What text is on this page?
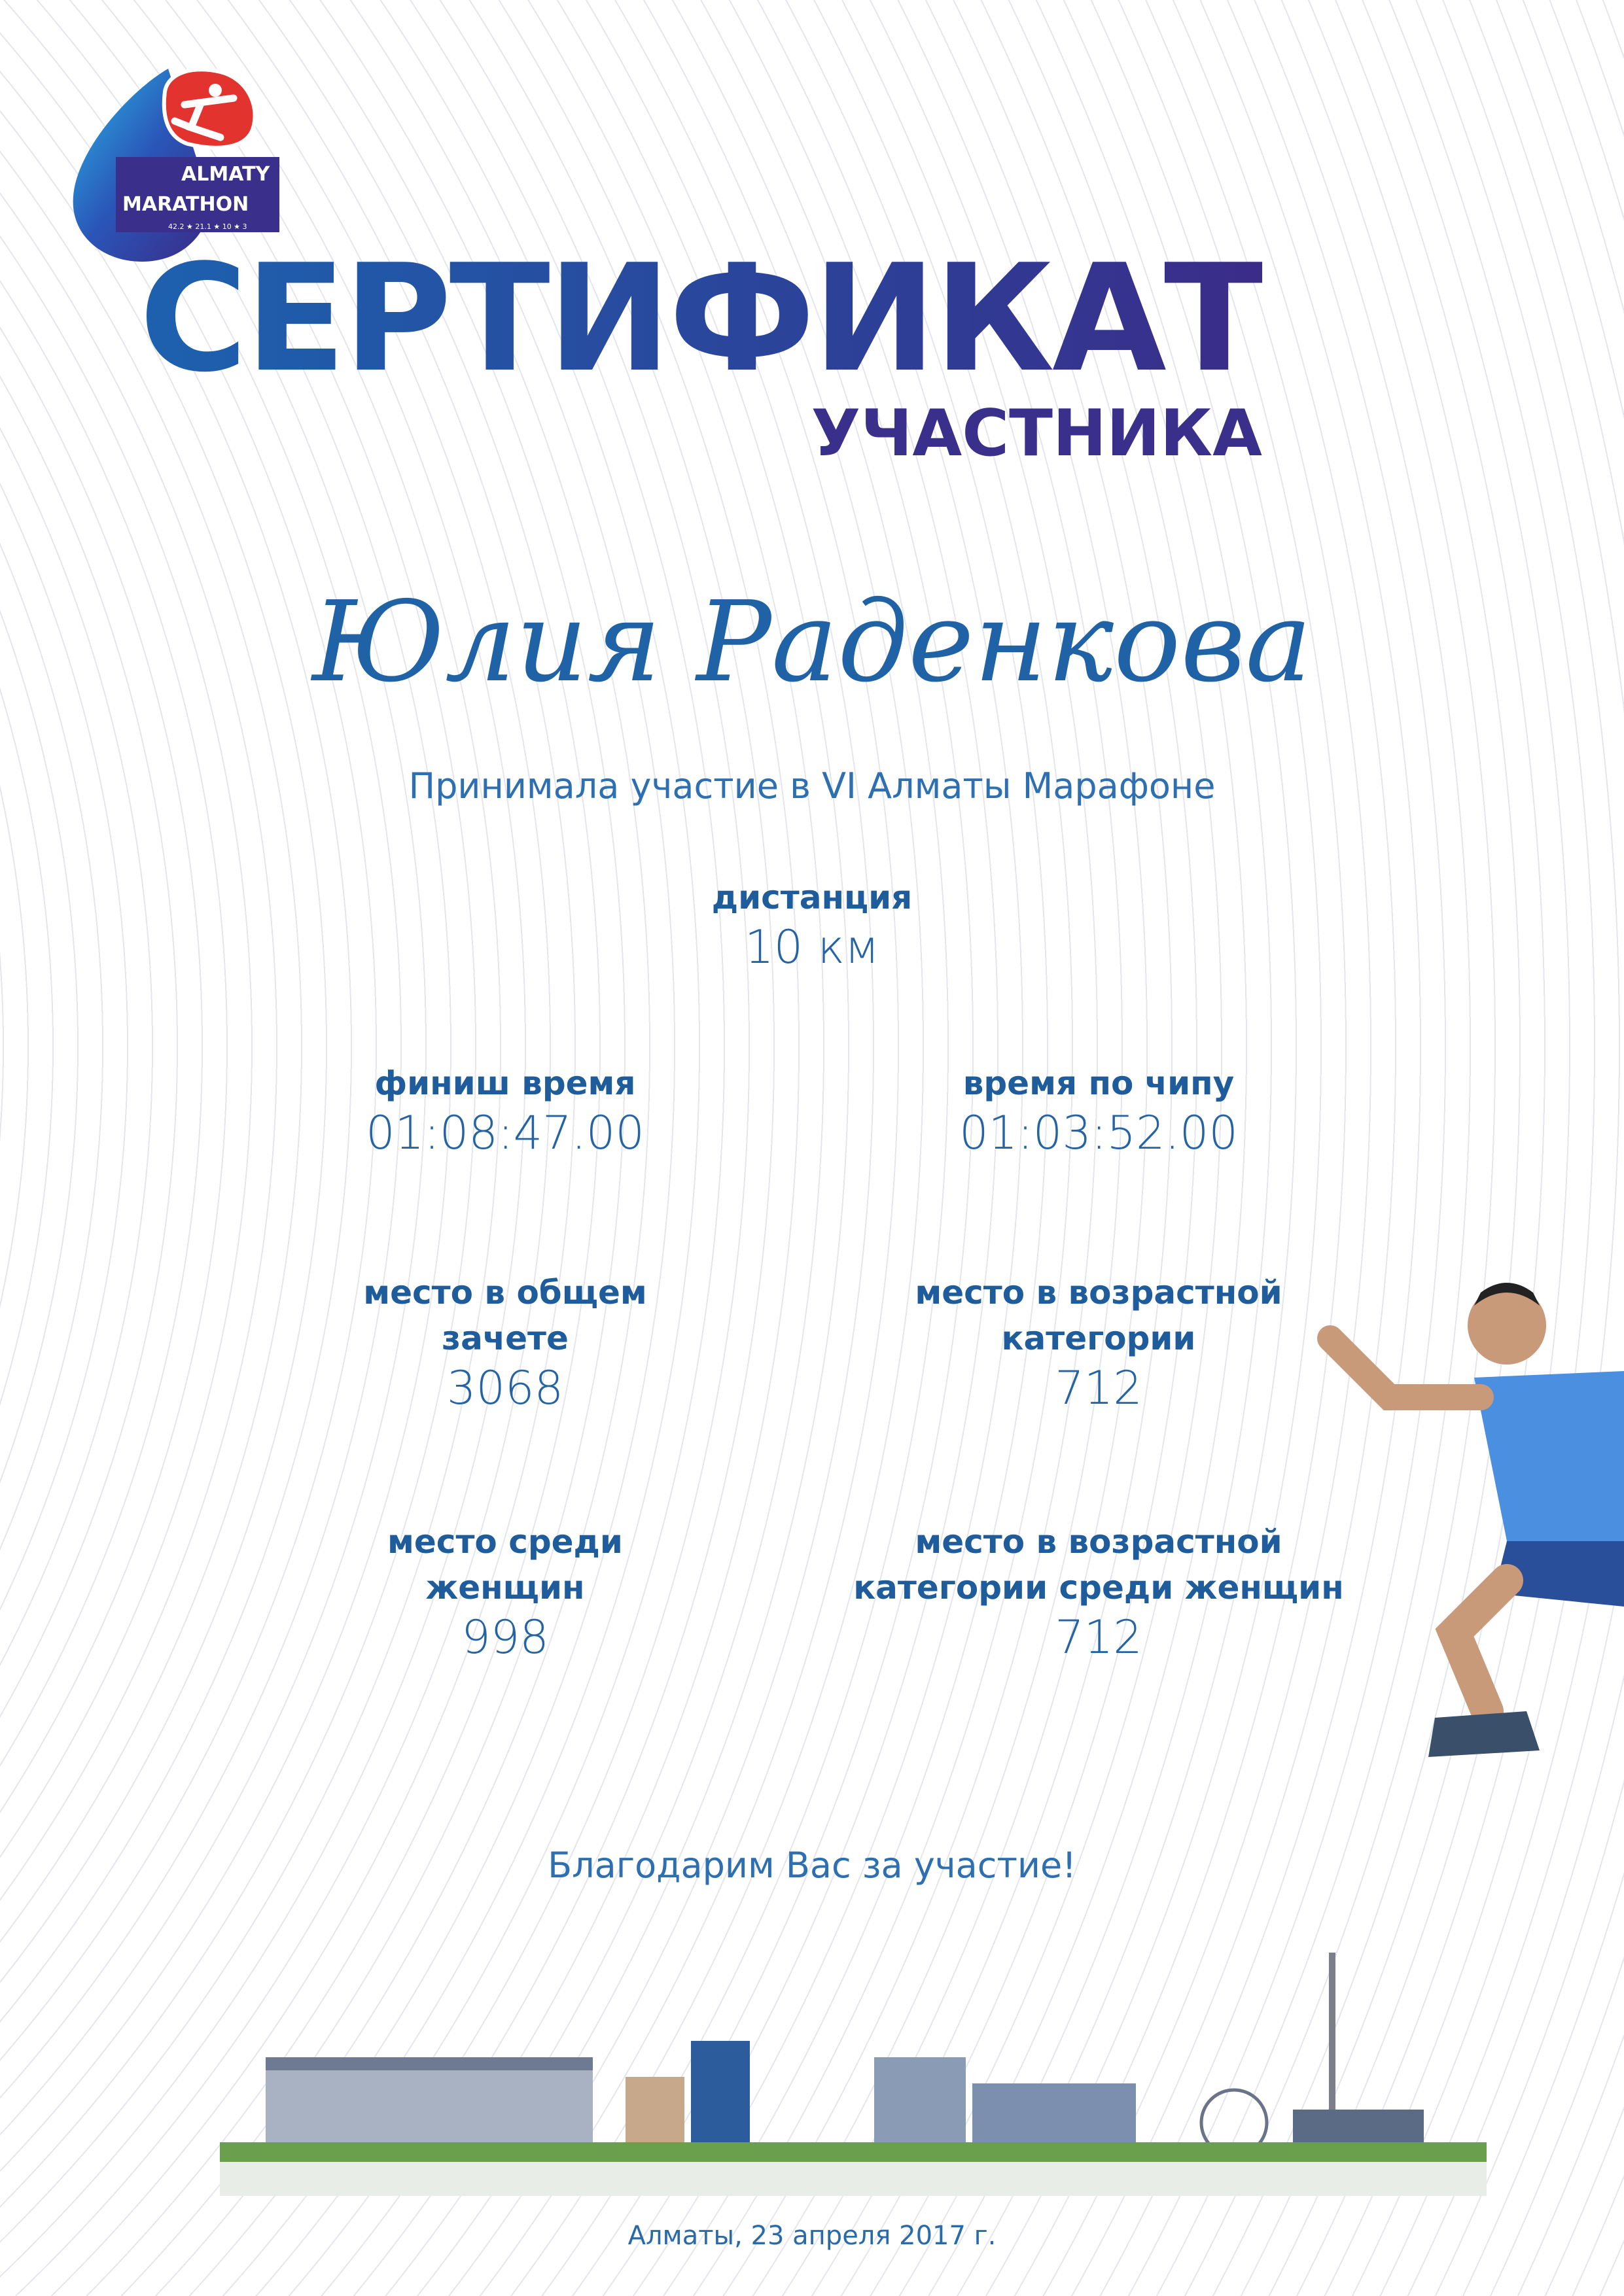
ALMATY
MARATHON
42.2 ★ 21.1 ★ 10 ★ 3
СЕРТИФИКАТ
УЧАСТНИКА
Юлия Раденкова
Принимала участие в VI Алматы Марафоне
дистанция
10 км
финиш время
01:08:47.00
время по чипу
01:03:52.00
место в общем
зачете
3068
место в возрастной
категории
712
место среди
женщин
998
место в возрастной
категории среди женщин
712
Благодарим Вас за участие!
Алматы, 23 апреля 2017 г.
